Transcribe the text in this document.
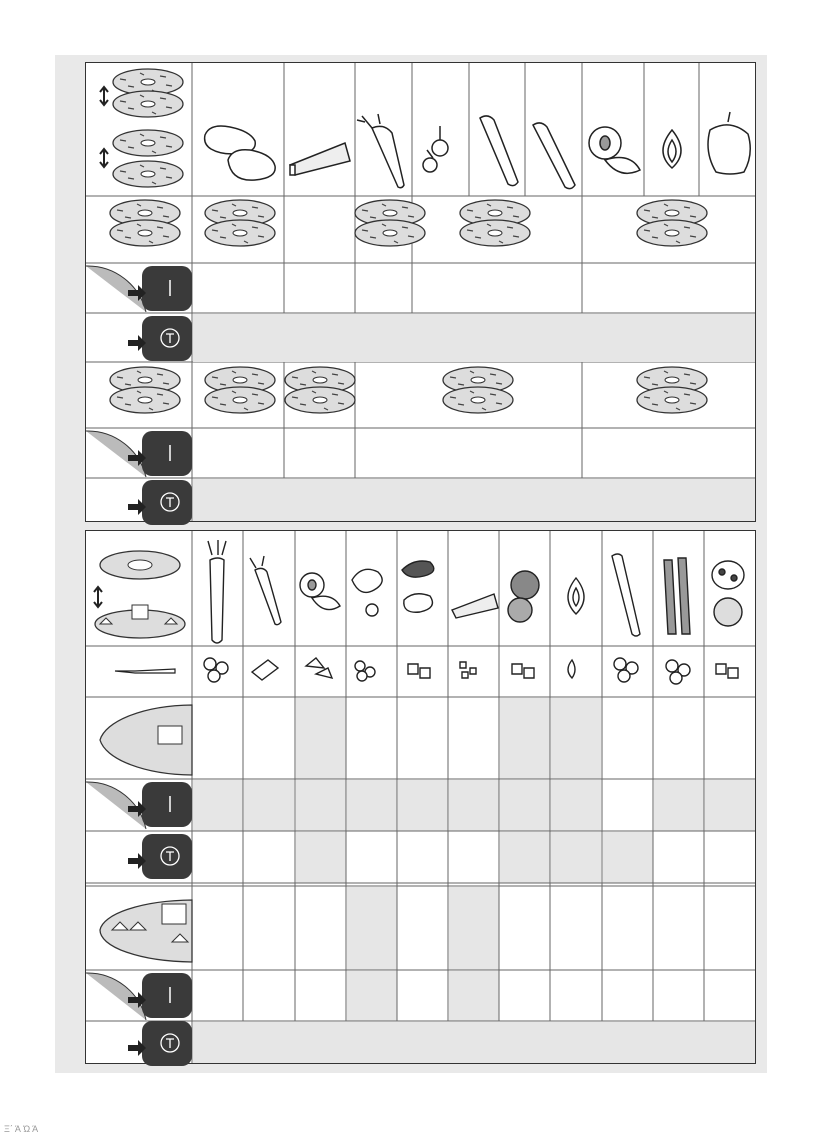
Ξ΄ Ά Ώ Ά
